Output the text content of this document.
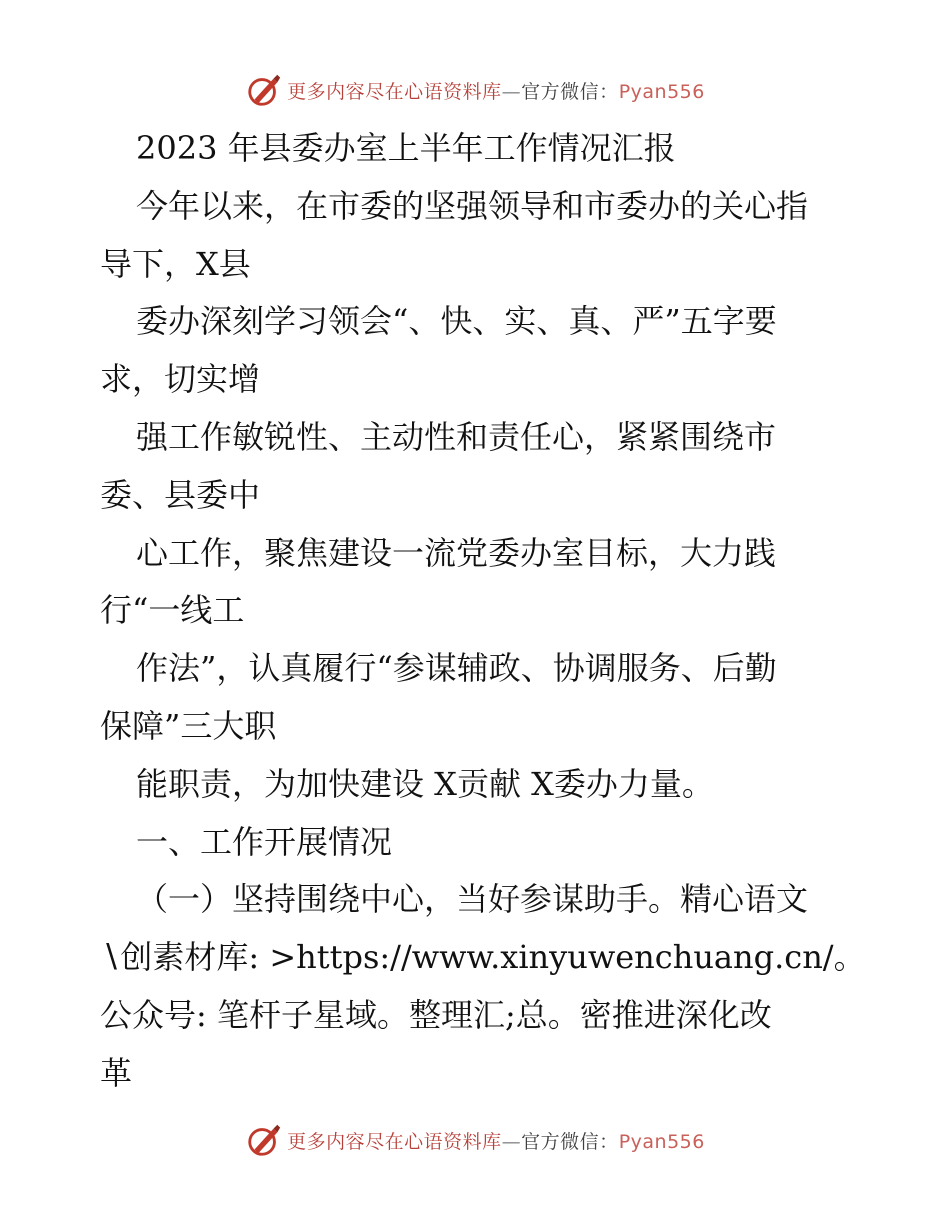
更多内容尽在心语资料库—官方微信：Pyan556
2023 年县委办室上半年工作情况汇报
今年以来，在市委的坚强领导和市委办的关心指
导下，X县
委办深刻学习领会“、快、实、真、严”五字要
求，切实增
强工作敏锐性、主动性和责任心，紧紧围绕市
委、县委中
心工作，聚焦建设一流党委办室目标，大力践
行“一线工
作法”，认真履行“参谋辅政、协调服务、后勤
保障”三大职
能职责，为加快建设 X贡献 X委办力量。
一、工作开展情况
（一）坚持围绕中心，当好参谋助手。精心语文
∖创素材库: >https://www.xinyuwenchuang.cn/。
公众号: 笔杆子星域。整理汇;总。密推进深化改
革
更多内容尽在心语资料库—官方微信：Pyan556
